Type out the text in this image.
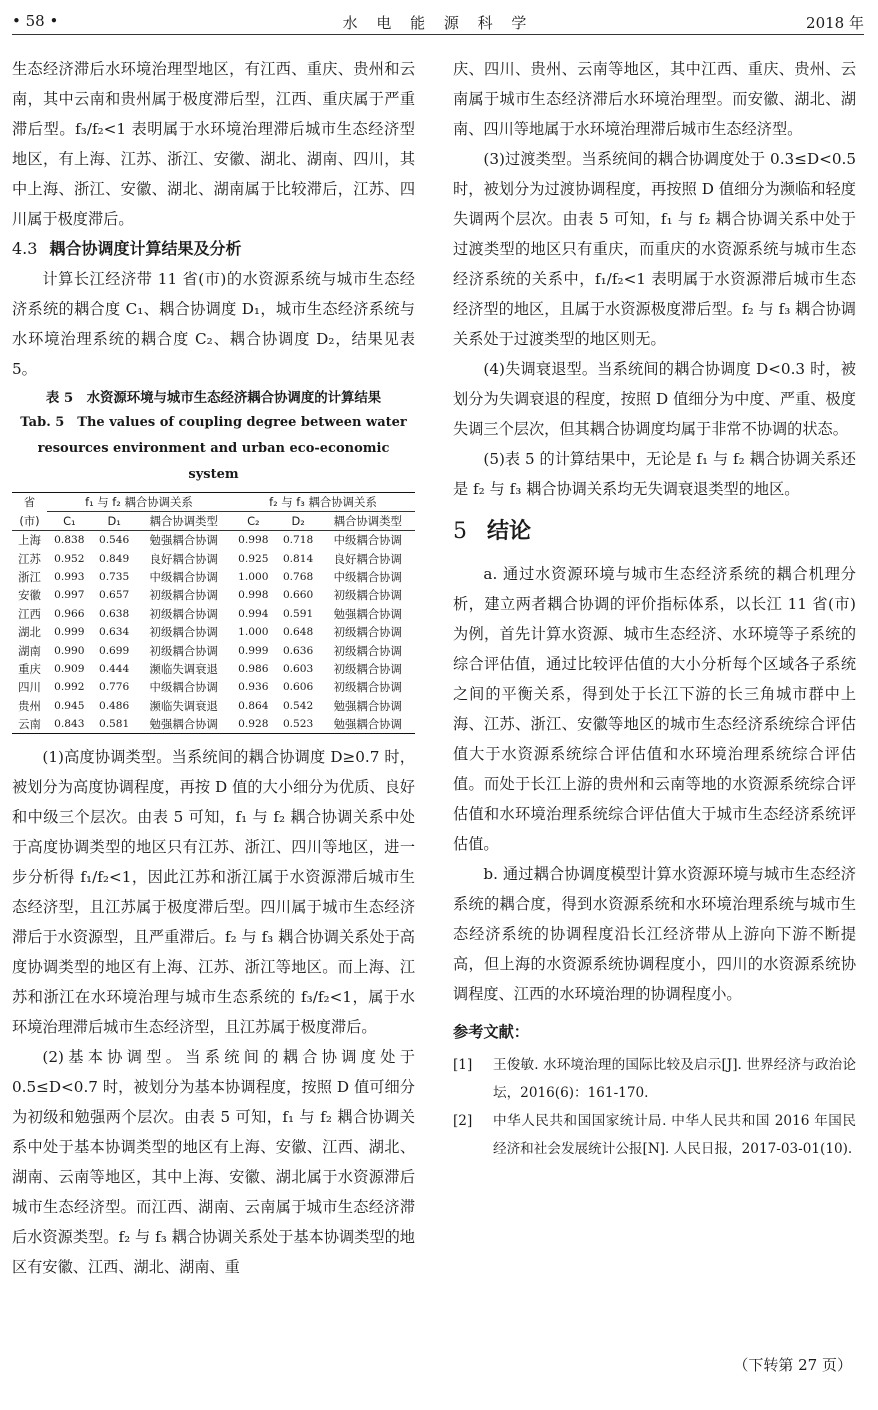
• 58 •	水 电 能 源 科 学	2018 年

生态经济滞后水环境治理型地区，有江西、重庆、贵州和云南，其中云南和贵州属于极度滞后型，江西、重庆属于严重滞后型。f₃/f₂<1 表明属于水环境治理滞后城市生态经济型地区，有上海、江苏、浙江、安徽、湖北、湖南、四川，其中上海、浙江、安徽、湖北、湖南属于比较滞后，江苏、四川属于极度滞后。

4.3 耦合协调度计算结果及分析

计算长江经济带 11 省(市)的水资源系统与城市生态经济系统的耦合度 C₁、耦合协调度 D₁，城市生态经济系统与水环境治理系统的耦合度 C₂、耦合协调度 D₂，结果见表 5。

表 5　水资源环境与城市生态经济耦合协调度的计算结果

Tab. 5　The values of coupling degree between water

resources environment and urban eco-economic system

省	f₁ 与 f₂ 耦合协调关系			f₂ 与 f₃ 耦合协调关系		
(市)	C₁	D₁	耦合协调类型	C₂	D₂	耦合协调类型
上海	0.838	0.546	勉强耦合协调	0.998	0.718	中级耦合协调
江苏	0.952	0.849	良好耦合协调	0.925	0.814	良好耦合协调
浙江	0.993	0.735	中级耦合协调	1.000	0.768	中级耦合协调
安徽	0.997	0.657	初级耦合协调	0.998	0.660	初级耦合协调
江西	0.966	0.638	初级耦合协调	0.994	0.591	勉强耦合协调
湖北	0.999	0.634	初级耦合协调	1.000	0.648	初级耦合协调
湖南	0.990	0.699	初级耦合协调	0.999	0.636	初级耦合协调
重庆	0.909	0.444	濒临失调衰退	0.986	0.603	初级耦合协调
四川	0.992	0.776	中级耦合协调	0.936	0.606	初级耦合协调
贵州	0.945	0.486	濒临失调衰退	0.864	0.542	勉强耦合协调
云南	0.843	0.581	勉强耦合协调	0.928	0.523	勉强耦合协调

(1)高度协调类型。当系统间的耦合协调度 D≥0.7 时，被划分为高度协调程度，再按 D 值的大小细分为优质、良好和中级三个层次。由表 5 可知，f₁ 与 f₂ 耦合协调关系中处于高度协调类型的地区只有江苏、浙江、四川等地区，进一步分析得 f₁/f₂<1，因此江苏和浙江属于水资源滞后城市生态经济型，且江苏属于极度滞后型。四川属于城市生态经济滞后于水资源型，且严重滞后。f₂ 与 f₃ 耦合协调关系处于高度协调类型的地区有上海、江苏、浙江等地区。而上海、江苏和浙江在水环境治理与城市生态系统的 f₃/f₂<1，属于水环境治理滞后城市生态经济型，且江苏属于极度滞后。

(2)基本协调型。当系统间的耦合协调度处于 0.5≤D<0.7 时，被划分为基本协调程度，按照 D 值可细分为初级和勉强两个层次。由表 5 可知，f₁ 与 f₂ 耦合协调关系中处于基本协调类型的地区有上海、安徽、江西、湖北、湖南、云南等地区，其中上海、安徽、湖北属于水资源滞后城市生态经济型。而江西、湖南、云南属于城市生态经济滞后水资源类型。f₂ 与 f₃ 耦合协调关系处于基本协调类型的地区有安徽、江西、湖北、湖南、重

庆、四川、贵州、云南等地区，其中江西、重庆、贵州、云南属于城市生态经济滞后水环境治理型。而安徽、湖北、湖南、四川等地属于水环境治理滞后城市生态经济型。

(3)过渡类型。当系统间的耦合协调度处于 0.3≤D<0.5 时，被划分为过渡协调程度，再按照 D 值细分为濒临和轻度失调两个层次。由表 5 可知，f₁ 与 f₂ 耦合协调关系中处于过渡类型的地区只有重庆，而重庆的水资源系统与城市生态经济系统的关系中，f₁/f₂<1 表明属于水资源滞后城市生态经济型的地区，且属于水资源极度滞后型。f₂ 与 f₃ 耦合协调关系处于过渡类型的地区则无。

(4)失调衰退型。当系统间的耦合协调度 D<0.3 时，被划分为失调衰退的程度，按照 D 值细分为中度、严重、极度失调三个层次，但其耦合协调度均属于非常不协调的状态。

(5)表 5 的计算结果中，无论是 f₁ 与 f₂ 耦合协调关系还是 f₂ 与 f₃ 耦合协调关系均无失调衰退类型的地区。

5 结论

a. 通过水资源环境与城市生态经济系统的耦合机理分析，建立两者耦合协调的评价指标体系，以长江 11 省(市)为例，首先计算水资源、城市生态经济、水环境等子系统的综合评估值，通过比较评估值的大小分析每个区域各子系统之间的平衡关系，得到处于长江下游的长三角城市群中上海、江苏、浙江、安徽等地区的城市生态经济系统综合评估值大于水资源系统综合评估值和水环境治理系统综合评估值。而处于长江上游的贵州和云南等地的水资源系统综合评估值和水环境治理系统综合评估值大于城市生态经济系统评估值。

b. 通过耦合协调度模型计算水资源环境与城市生态经济系统的耦合度，得到水资源系统和水环境治理系统与城市生态经济系统的协调程度沿长江经济带从上游向下游不断提高，但上海的水资源系统协调程度小，四川的水资源系统协调程度、江西的水环境治理的协调程度小。

参考文献：

[1]	王俊敏. 水环境治理的国际比较及启示[J]. 世界经济与政治论坛，2016(6)：161-170.
[2]	中华人民共和国国家统计局. 中华人民共和国 2016 年国民经济和社会发展统计公报[N]. 人民日报，2017-03-01(10).
（下转第 27 页）
